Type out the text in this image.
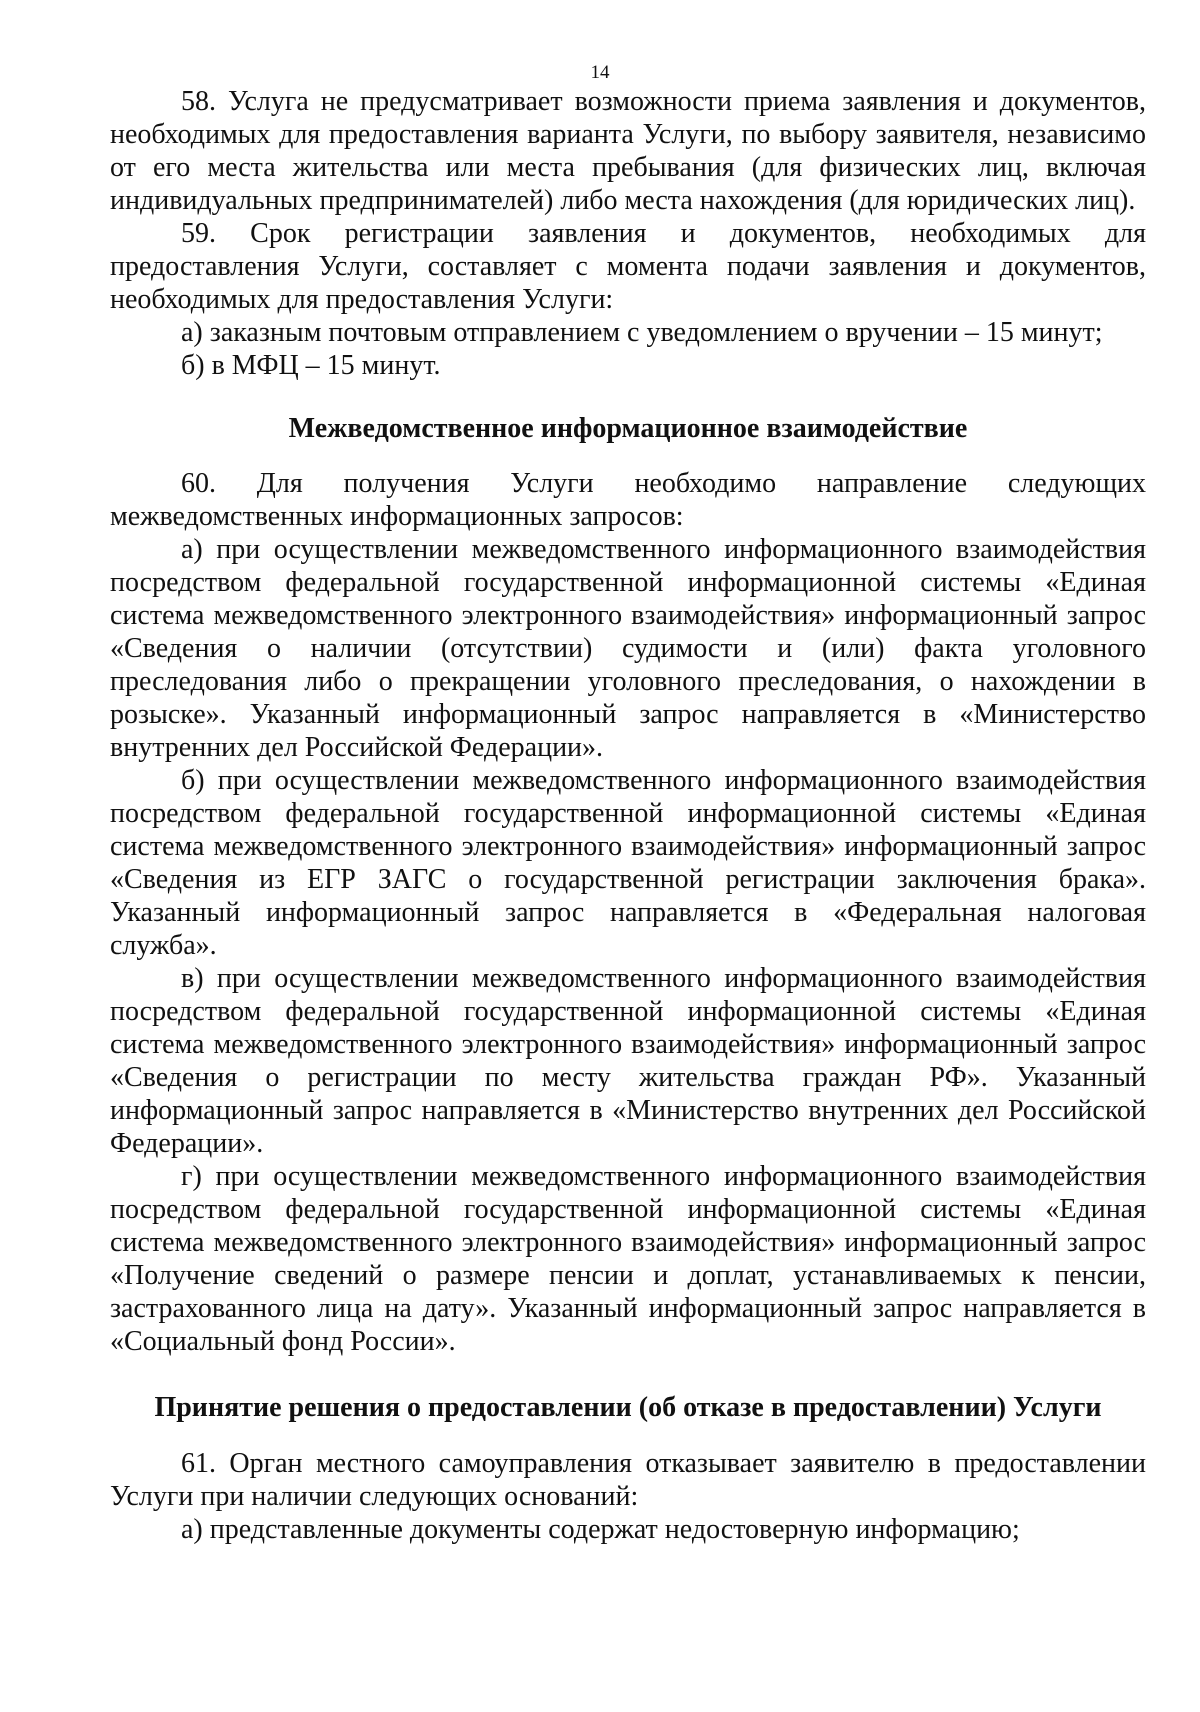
14

58. Услуга не предусматривает возможности приема заявления и документов, необходимых для предоставления варианта Услуги, по выбору заявителя, независимо от его места жительства или места пребывания (для физических лиц, включая индивидуальных предпринимателей) либо места нахождения (для юридических лиц).

59. Срок регистрации заявления и документов, необходимых для предоставления Услуги, составляет с момента подачи заявления и документов, необходимых для предоставления Услуги:

а) заказным почтовым отправлением с уведомлением о вручении – 15 минут;

б) в МФЦ – 15 минут.

Межведомственное информационное взаимодействие

60. Для получения Услуги необходимо направление следующих межведомственных информационных запросов:

а) при осуществлении межведомственного информационного взаимодействия посредством федеральной государственной информационной системы «Единая система межведомственного электронного взаимодействия» информационный запрос «Сведения о наличии (отсутствии) судимости и (или) факта уголовного преследования либо о прекращении уголовного преследования, о нахождении в розыске». Указанный информационный запрос направляется в «Министерство внутренних дел Российской Федерации».

б) при осуществлении межведомственного информационного взаимодействия посредством федеральной государственной информационной системы «Единая система межведомственного электронного взаимодействия» информационный запрос «Сведения из ЕГР ЗАГС о государственной регистрации заключения брака». Указанный информационный запрос направляется в «Федеральная налоговая служба».

в) при осуществлении межведомственного информационного взаимодействия посредством федеральной государственной информационной системы «Единая система межведомственного электронного взаимодействия» информационный запрос «Сведения о регистрации по месту жительства граждан РФ». Указанный информационный запрос направляется в «Министерство внутренних дел Российской Федерации».

г) при осуществлении межведомственного информационного взаимодействия посредством федеральной государственной информационной системы «Единая система межведомственного электронного взаимодействия» информационный запрос «Получение сведений о размере пенсии и доплат, устанавливаемых к пенсии, застрахованного лица на дату». Указанный информационный запрос направляется в «Социальный фонд России».

Принятие решения о предоставлении (об отказе в предоставлении) Услуги

61. Орган местного самоуправления отказывает заявителю в предоставлении Услуги при наличии следующих оснований:

а) представленные документы содержат недостоверную информацию;
